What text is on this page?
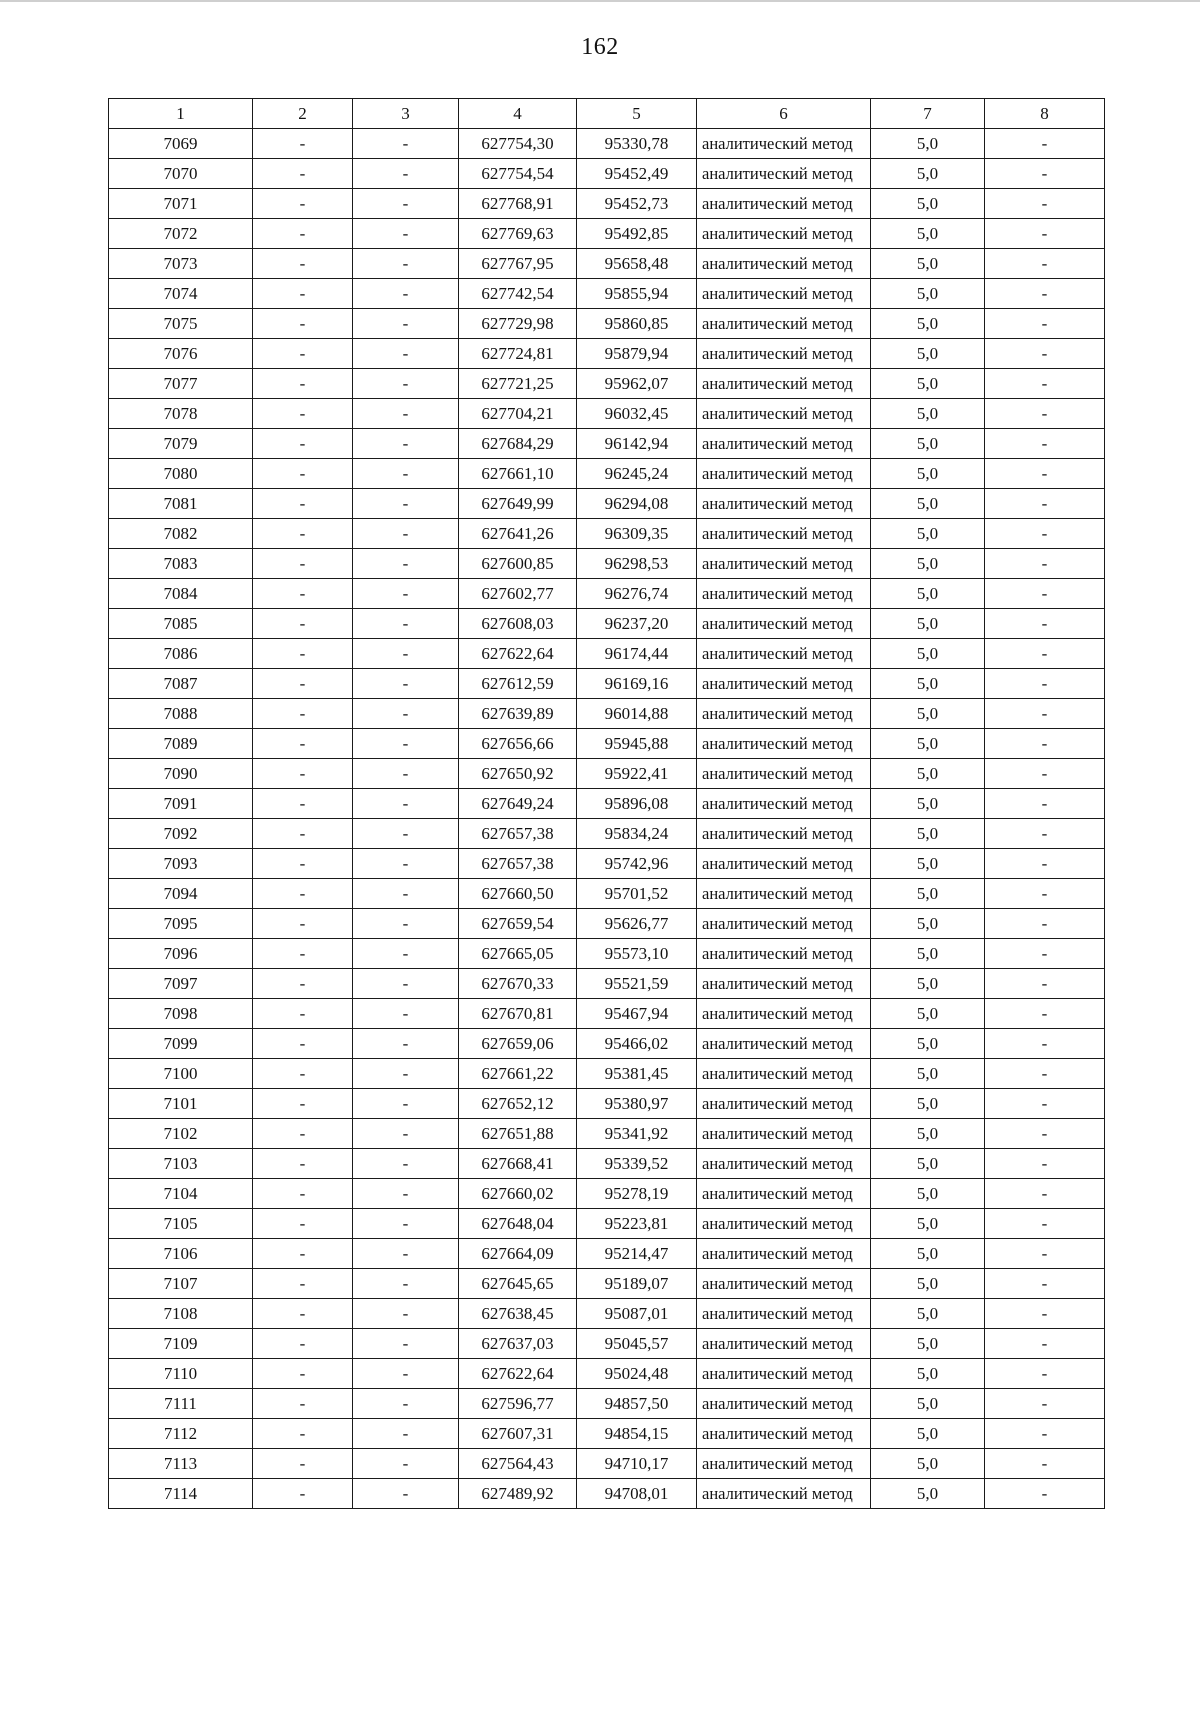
162
1	2	3	4	5	6	7	8
7069	-	-	627754,30	95330,78	аналитический метод	5,0	-
7070	-	-	627754,54	95452,49	аналитический метод	5,0	-
7071	-	-	627768,91	95452,73	аналитический метод	5,0	-
7072	-	-	627769,63	95492,85	аналитический метод	5,0	-
7073	-	-	627767,95	95658,48	аналитический метод	5,0	-
7074	-	-	627742,54	95855,94	аналитический метод	5,0	-
7075	-	-	627729,98	95860,85	аналитический метод	5,0	-
7076	-	-	627724,81	95879,94	аналитический метод	5,0	-
7077	-	-	627721,25	95962,07	аналитический метод	5,0	-
7078	-	-	627704,21	96032,45	аналитический метод	5,0	-
7079	-	-	627684,29	96142,94	аналитический метод	5,0	-
7080	-	-	627661,10	96245,24	аналитический метод	5,0	-
7081	-	-	627649,99	96294,08	аналитический метод	5,0	-
7082	-	-	627641,26	96309,35	аналитический метод	5,0	-
7083	-	-	627600,85	96298,53	аналитический метод	5,0	-
7084	-	-	627602,77	96276,74	аналитический метод	5,0	-
7085	-	-	627608,03	96237,20	аналитический метод	5,0	-
7086	-	-	627622,64	96174,44	аналитический метод	5,0	-
7087	-	-	627612,59	96169,16	аналитический метод	5,0	-
7088	-	-	627639,89	96014,88	аналитический метод	5,0	-
7089	-	-	627656,66	95945,88	аналитический метод	5,0	-
7090	-	-	627650,92	95922,41	аналитический метод	5,0	-
7091	-	-	627649,24	95896,08	аналитический метод	5,0	-
7092	-	-	627657,38	95834,24	аналитический метод	5,0	-
7093	-	-	627657,38	95742,96	аналитический метод	5,0	-
7094	-	-	627660,50	95701,52	аналитический метод	5,0	-
7095	-	-	627659,54	95626,77	аналитический метод	5,0	-
7096	-	-	627665,05	95573,10	аналитический метод	5,0	-
7097	-	-	627670,33	95521,59	аналитический метод	5,0	-
7098	-	-	627670,81	95467,94	аналитический метод	5,0	-
7099	-	-	627659,06	95466,02	аналитический метод	5,0	-
7100	-	-	627661,22	95381,45	аналитический метод	5,0	-
7101	-	-	627652,12	95380,97	аналитический метод	5,0	-
7102	-	-	627651,88	95341,92	аналитический метод	5,0	-
7103	-	-	627668,41	95339,52	аналитический метод	5,0	-
7104	-	-	627660,02	95278,19	аналитический метод	5,0	-
7105	-	-	627648,04	95223,81	аналитический метод	5,0	-
7106	-	-	627664,09	95214,47	аналитический метод	5,0	-
7107	-	-	627645,65	95189,07	аналитический метод	5,0	-
7108	-	-	627638,45	95087,01	аналитический метод	5,0	-
7109	-	-	627637,03	95045,57	аналитический метод	5,0	-
7110	-	-	627622,64	95024,48	аналитический метод	5,0	-
7111	-	-	627596,77	94857,50	аналитический метод	5,0	-
7112	-	-	627607,31	94854,15	аналитический метод	5,0	-
7113	-	-	627564,43	94710,17	аналитический метод	5,0	-
7114	-	-	627489,92	94708,01	аналитический метод	5,0	-
